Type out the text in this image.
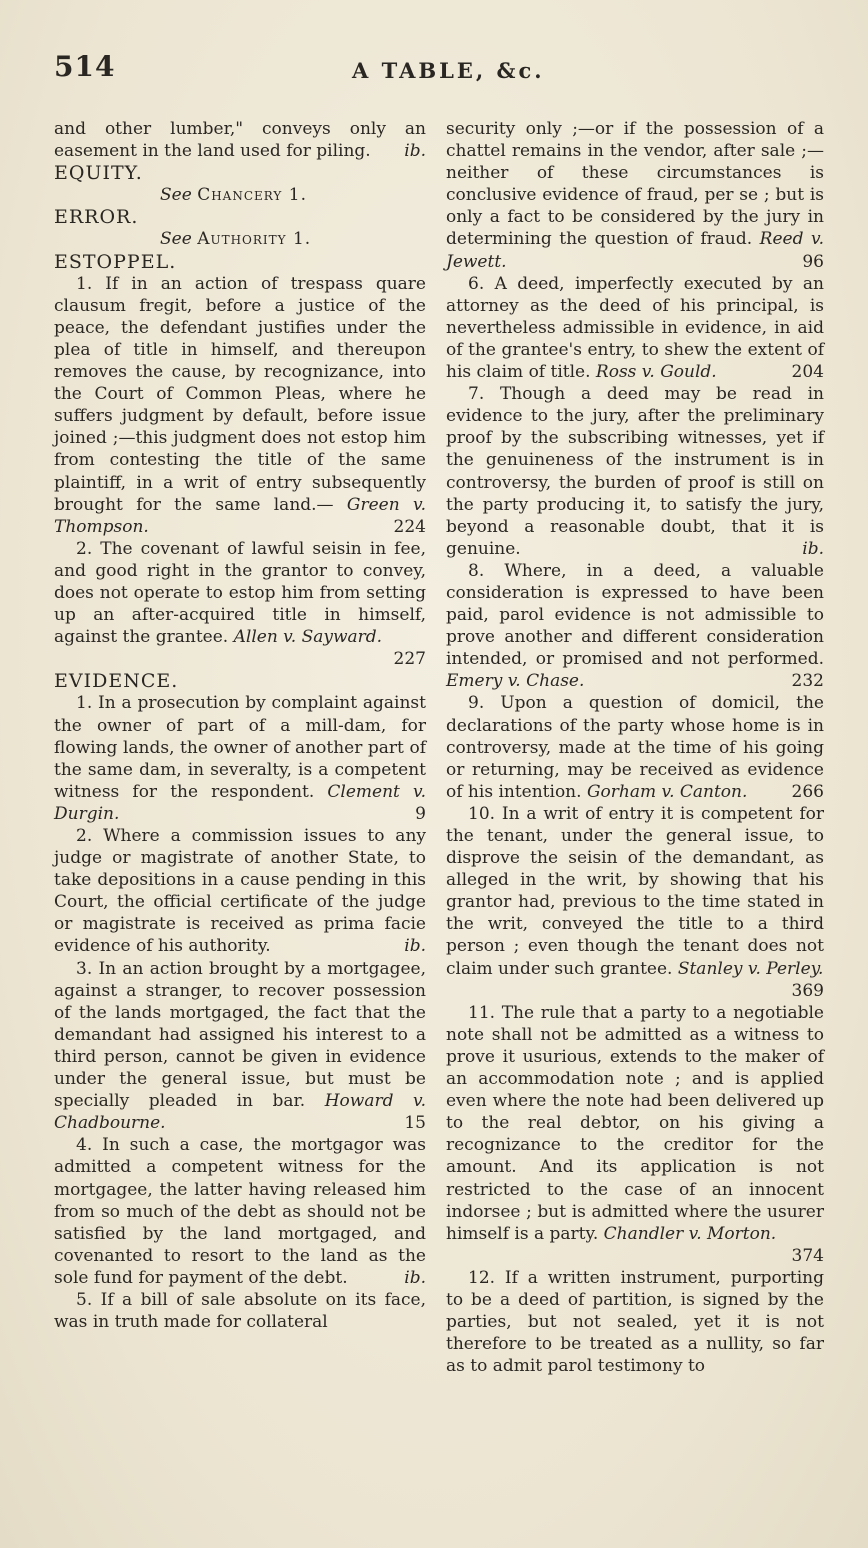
514	A TABLE, &c.

and other lumber," conveys only an easement in the land used for piling. ib.

EQUITY.

See Chancery 1.

ERROR.

See Authority 1.

ESTOPPEL.

1. If in an action of trespass quare clausum fregit, before a justice of the peace, the defendant justifies under the plea of title in himself, and thereupon removes the cause, by recognizance, into the Court of Common Pleas, where he suffers judgment by default, before issue joined ;—this judgment does not estop him from contesting the title of the same plaintiff, in a writ of entry subsequently brought for the same land.— Green v. Thompson.	224

2. The covenant of lawful seisin in fee, and good right in the grantor to convey, does not operate to estop him from setting up an after-acquired title in himself, against the grantee. Allen v. Sayward.
227

EVIDENCE.

1. In a prosecution by complaint against the owner of part of a mill-dam, for flowing lands, the owner of another part of the same dam, in severalty, is a competent witness for the respondent. Clement v. Durgin.	9

2. Where a commission issues to any judge or magistrate of another State, to take depositions in a cause pending in this Court, the official certificate of the judge or magistrate is received as prima facie evidence of his authority.	ib.

3. In an action brought by a mortgagee, against a stranger, to recover possession of the lands mortgaged, the fact that the demandant had assigned his interest to a third person, cannot be given in evidence under the general issue, but must be specially pleaded in bar. Howard v. Chadbourne.	15

4. In such a case, the mortgagor was admitted a competent witness for the mortgagee, the latter having released him from so much of the debt as should not be satisfied by the land mortgaged, and covenanted to resort to the land as the sole fund for payment of the debt.	ib.

5. If a bill of sale absolute on its face, was in truth made for collateral

security only ;—or if the possession of a chattel remains in the vendor, after sale ;—neither of these circumstances is conclusive evidence of fraud, per se ; but is only a fact to be considered by the jury in determining the question of fraud. Reed v. Jewett.	96

6. A deed, imperfectly executed by an attorney as the deed of his principal, is nevertheless admissible in evidence, in aid of the grantee's entry, to shew the extent of his claim of title. Ross v. Gould.	204

7. Though a deed may be read in evidence to the jury, after the preliminary proof by the subscribing witnesses, yet if the genuineness of the instrument is in controversy, the burden of proof is still on the party producing it, to satisfy the jury, beyond a reasonable doubt, that it is genuine.	ib.

8. Where, in a deed, a valuable consideration is expressed to have been paid, parol evidence is not admissible to prove another and different consideration intended, or promised and not performed. Emery v. Chase.	232

9. Upon a question of domicil, the declarations of the party whose home is in controversy, made at the time of his going or returning, may be received as evidence of his intention. Gorham v. Canton.	266

10. In a writ of entry it is competent for the tenant, under the general issue, to disprove the seisin of the demandant, as alleged in the writ, by showing that his grantor had, previous to the time stated in the writ, conveyed the title to a third person ; even though the tenant does not claim under such grantee. Stanley v. Perley.
369

11. The rule that a party to a negotiable note shall not be admitted as a witness to prove it usurious, extends to the maker of an accommodation note ; and is applied even where the note had been delivered up to the real debtor, on his giving a recognizance to the creditor for the amount. And its application is not restricted to the case of an innocent indorsee ; but is admitted where the usurer himself is a party. Chandler v. Morton.
374

12. If a written instrument, purporting to be a deed of partition, is signed by the parties, but not sealed, yet it is not therefore to be treated as a nullity, so far as to admit parol testimony to
